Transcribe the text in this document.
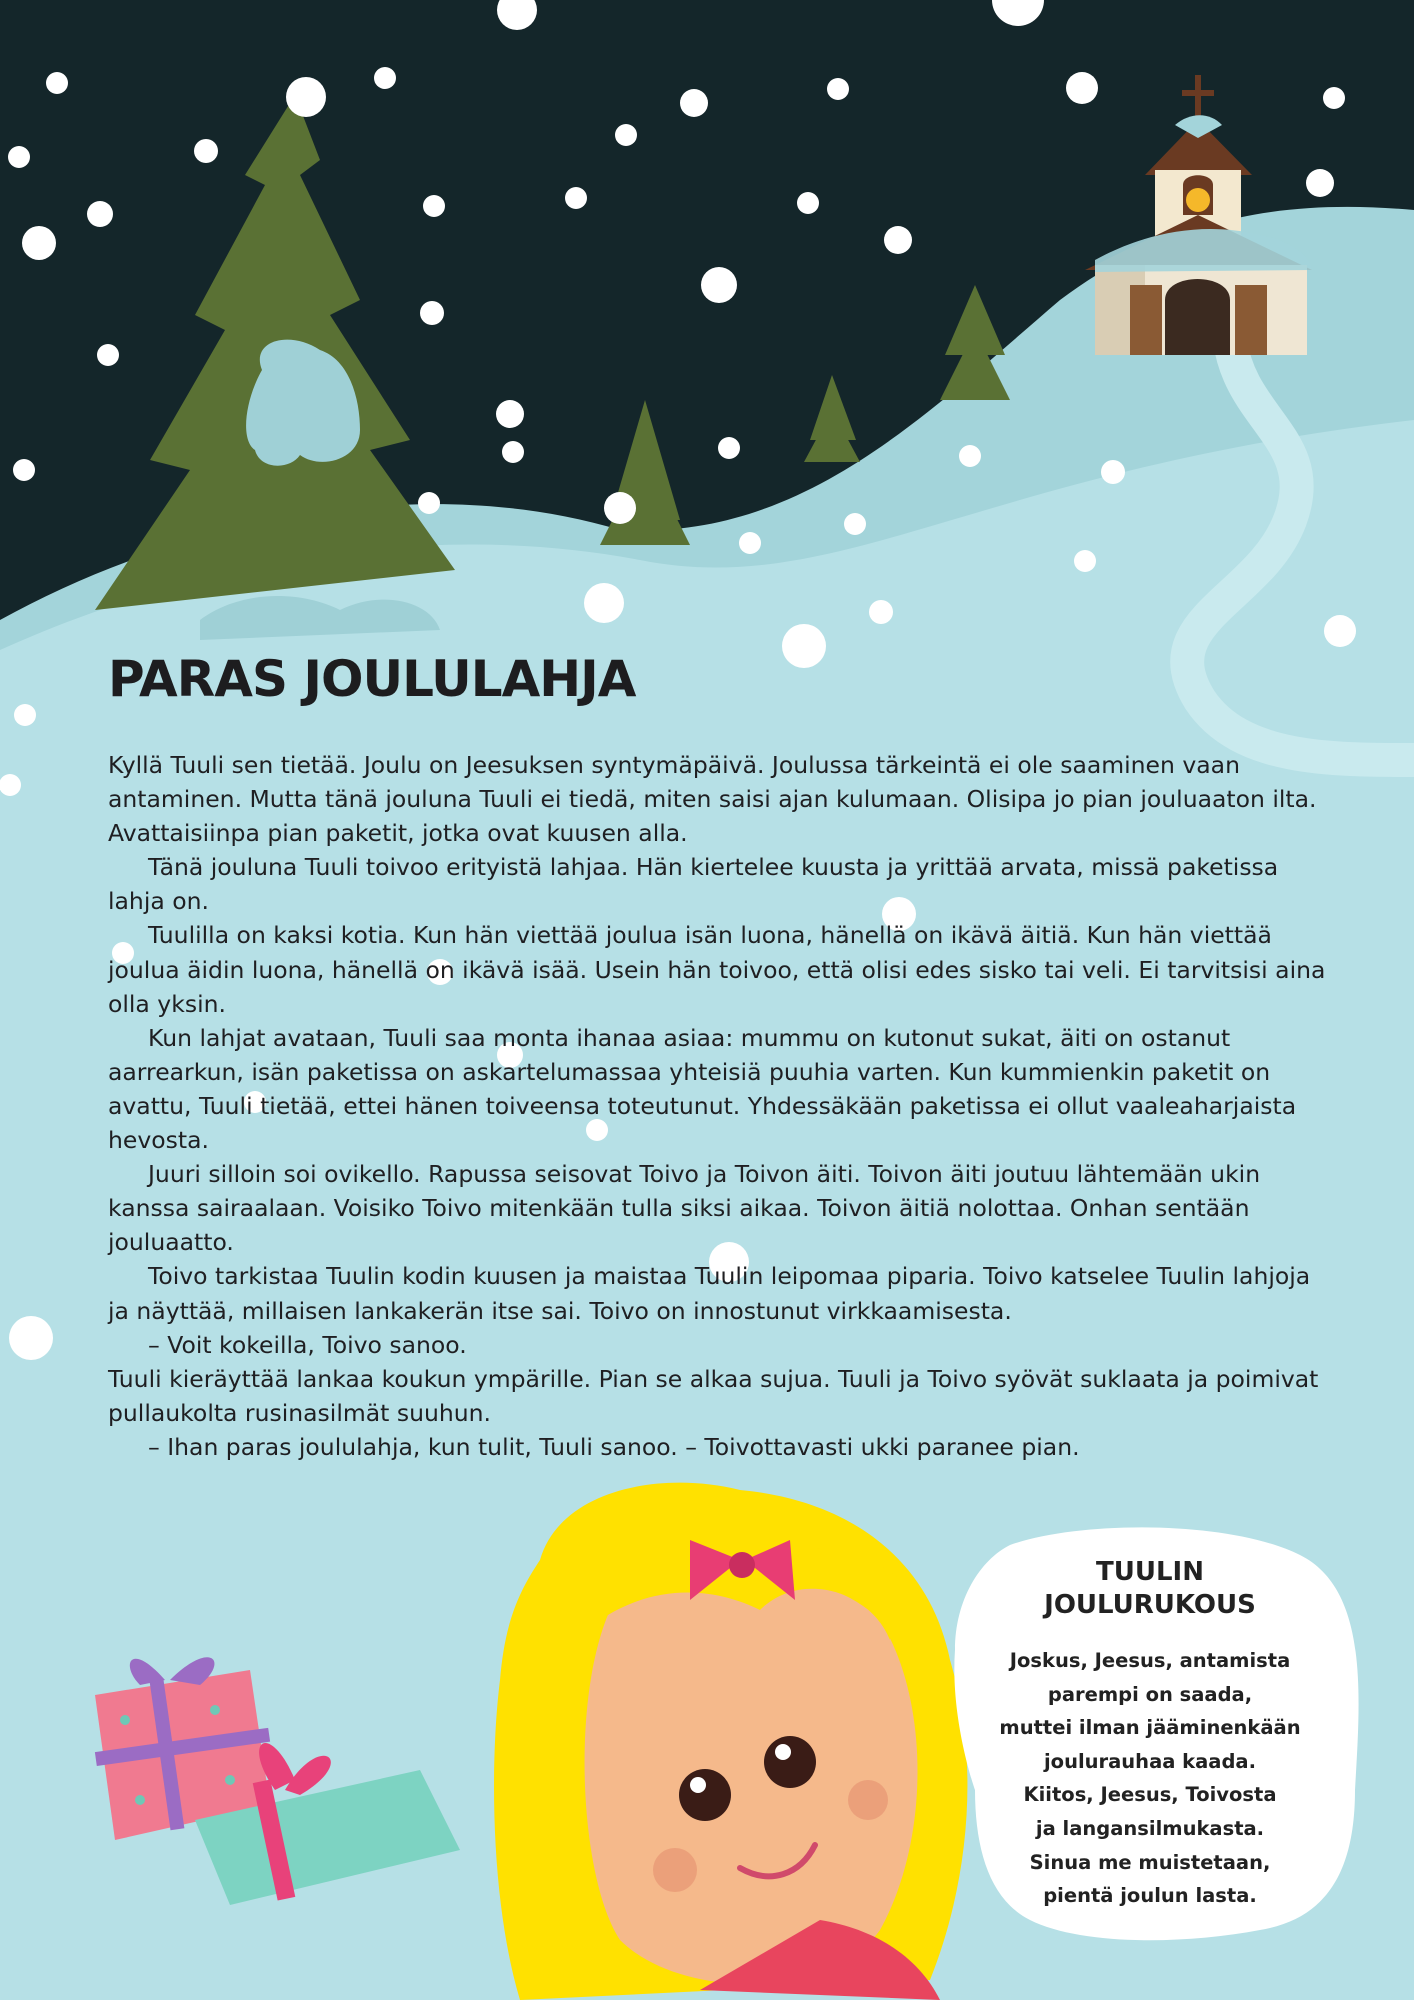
PARAS JOULULAHJA

Kyllä Tuuli sen tietää. Joulu on Jeesuksen syntymäpäivä. Joulussa tärkeintä ei ole saaminen vaan antaminen. Mutta tänä jouluna Tuuli ei tiedä, miten saisi ajan kulumaan. Olisipa jo pian jouluaaton ilta. Avattaisiinpa pian paketit, jotka ovat kuusen alla.

Tänä jouluna Tuuli toivoo erityistä lahjaa. Hän kiertelee kuusta ja yrittää arvata, missä paketissa lahja on.

Tuulilla on kaksi kotia. Kun hän viettää joulua isän luona, hänellä on ikävä äitiä. Kun hän viettää joulua äidin luona, hänellä on ikävä isää. Usein hän toivoo, että olisi edes sisko tai veli. Ei tarvitsisi aina olla yksin.

Kun lahjat avataan, Tuuli saa monta ihanaa asiaa: mummu on kutonut sukat, äiti on ostanut aarrearkun, isän paketissa on askartelumassaa yhteisiä puuhia varten. Kun kummienkin paketit on avattu, Tuuli tietää, ettei hänen toiveensa toteutunut. Yhdessäkään paketissa ei ollut vaaleaharjaista hevosta.

Juuri silloin soi ovikello. Rapussa seisovat Toivo ja Toivon äiti. Toivon äiti joutuu lähtemään ukin kanssa sairaalaan. Voisiko Toivo mitenkään tulla siksi aikaa. Toivon äitiä nolottaa. Onhan sentään jouluaatto.

Toivo tarkistaa Tuulin kodin kuusen ja maistaa Tuulin leipomaa piparia. Toivo katselee Tuulin lahjoja ja näyttää, millaisen lankakerän itse sai. Toivo on innostunut virkkaamisesta.

– Voit kokeilla, Toivo sanoo.

Tuuli kieräyttää lankaa koukun ympärille. Pian se alkaa sujua. Tuuli ja Toivo syövät suklaata ja poimivat pullaukolta rusinasilmät suuhun.

– Ihan paras joululahja, kun tulit, Tuuli sanoo. – Toivottavasti ukki paranee pian.

TUULIN
JOULURUKOUS
Joskus, Jeesus, antamista
parempi on saada,
muttei ilman jääminenkään
joulurauhaa kaada.
Kiitos, Jeesus, Toivosta
ja langansilmukasta.
Sinua me muistetaan,
pientä joulun lasta.
